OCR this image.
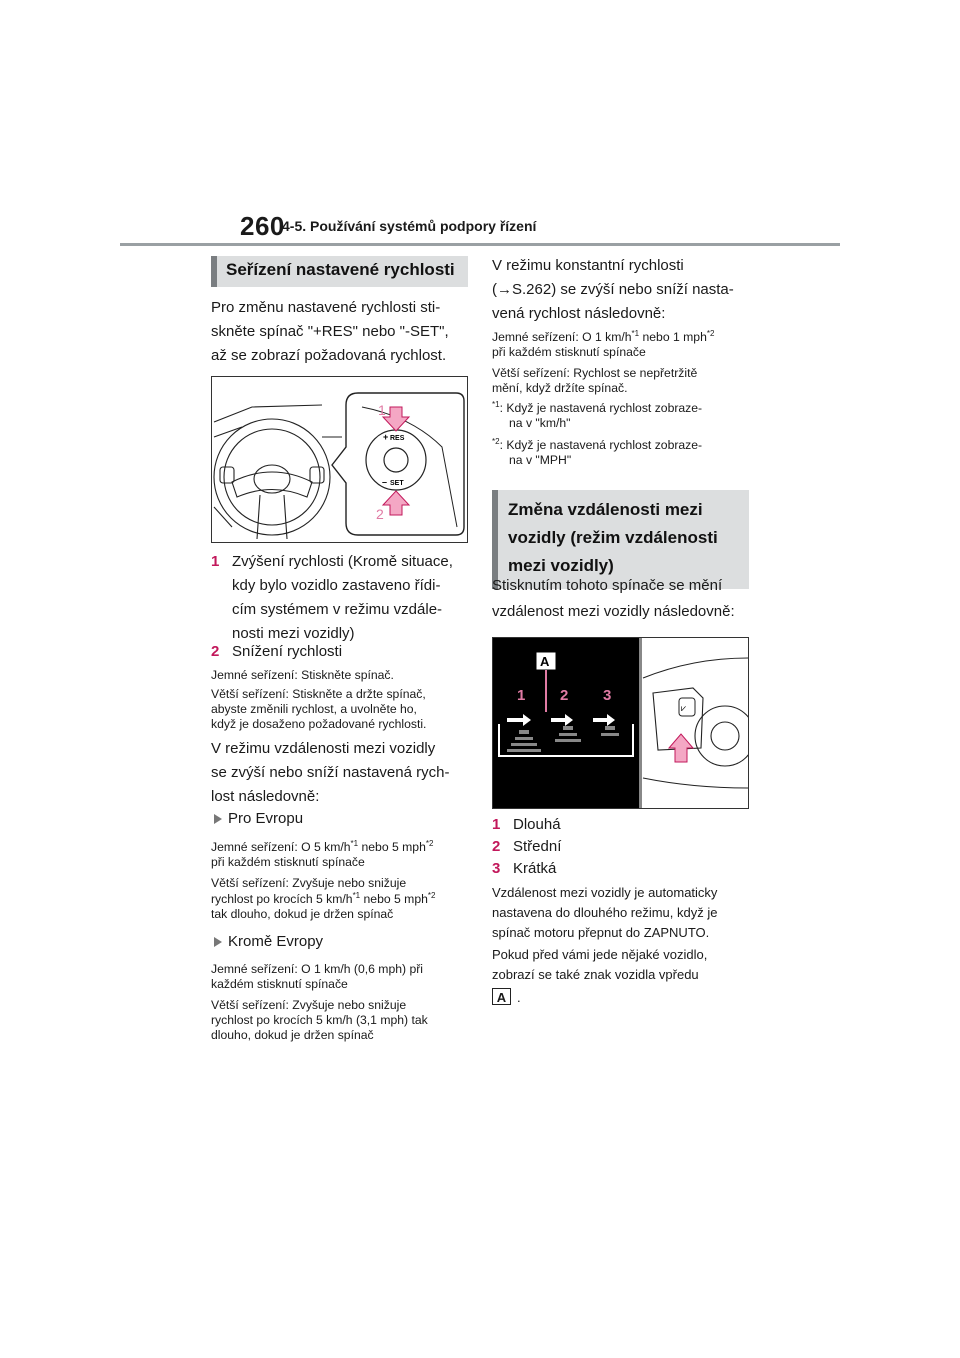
260
4-5. Používání systémů podpory řízení
Seřízení nastavené rychlosti
Pro změnu nastavené rychlosti sti-
skněte spínač "+RES" nebo "-SET",
až se zobrazí požadovaná rychlost.
RES
+
SET
–
1
2
1 Zvýšení rychlosti (Kromě situace,
kdy bylo vozidlo zastaveno řídi-
cím systémem v režimu vzdále-
nosti mezi vozidly)
2 Snížení rychlosti
Jemné seřízení: Stiskněte spínač.
Větší seřízení: Stiskněte a držte spínač,
abyste změnili rychlost, a uvolněte ho,
když je dosaženo požadované rychlosti.
V režimu vzdálenosti mezi vozidly
se zvýší nebo sníží nastavená rych-
lost následovně:
Pro Evropu
Jemné seřízení: O 5 $km/h^{*1}$ nebo 5 mph$^{*2}$
při každém stisknutí spínače
Větší seřízení: Zvyšuje nebo snižuje
rychlost po krocích 5 $km/h^{*1}$ nebo 5 mph$^{*2}$
tak dlouho, dokud je držen spínač
Kromě Evropy
Jemné seřízení: O 1 km/h (0,6 mph) při
každém stisknutí spínače
Větší seřízení: Zvyšuje nebo snižuje
rychlost po krocích 5 km/h (3,1 mph) tak
dlouho, dokud je držen spínač
V režimu konstantní rychlosti
(→S.262) se zvýší nebo sníží nasta-
vená rychlost následovně:
Jemné seřízení: O 1 $km/h^{*1}$ nebo 1 mph$^{*2}$
při každém stisknutí spínače
Větší seřízení: Rychlost se nepřetržitě
mění, když držíte spínač.
$^{*1}$: Když je nastavená rychlost zobraze-
na v "km/h"
$^{*2}$: Když je nastavená rychlost zobraze-
na v "MPH"
Změna vzdálenosti mezi
vozidly (režim vzdálenosti
mezi vozidly)
Stisknutím tohoto spínače se mění
vzdálenost mezi vozidly následovně:
A
1 2 3
⩗
1 Dlouhá
2 Střední
3 Krátká
Vzdálenost mezi vozidly je automaticky
nastavena do dlouhého režimu, když je
spínač motoru přepnut do ZAPNUTO.
Pokud před vámi jede nějaké vozidlo,
zobrazí se také znak vozidla vpředu
A .
